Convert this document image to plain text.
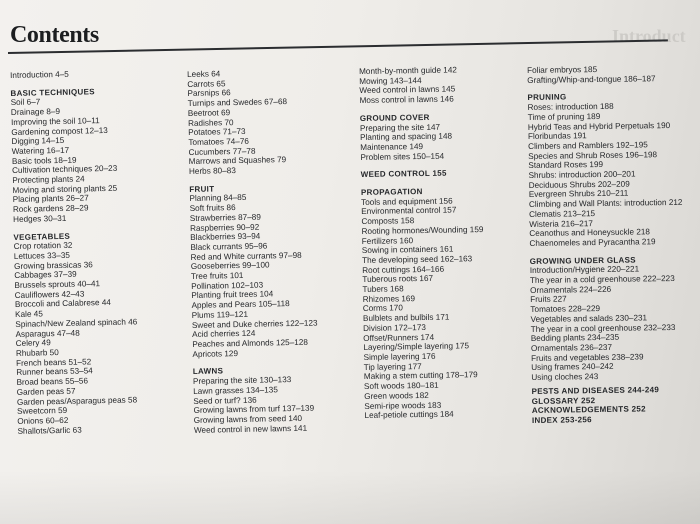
Contents	Introduct
Introduction 4–5
BASIC TECHNIQUES
Soil 6–7
Drainage 8–9
Improving the soil 10–11
Gardening compost 12–13
Digging 14–15
Watering 16–17
Basic tools 18–19
Cultivation techniques 20–23
Protecting plants 24
Moving and storing plants 25
Placing plants 26–27
Rock gardens 28–29
Hedges 30–31
VEGETABLES
Crop rotation 32
Lettuces 33–35
Growing brassicas 36
Cabbages 37–39
Brussels sprouts 40–41
Cauliflowers 42–43
Broccoli and Calabrese 44
Kale 45
Spinach/New Zealand spinach 46
Asparagus 47–48
Celery 49
Rhubarb 50
French beans 51–52
Runner beans 53–54
Broad beans 55–56
Garden peas 57
Garden peas/Asparagus peas 58
Sweetcorn 59
Onions 60–62
Shallots/Garlic 63
Leeks 64
Carrots 65
Parsnips 66
Turnips and Swedes 67–68
Beetroot 69
Radishes 70
Potatoes 71–73
Tomatoes 74–76
Cucumbers 77–78
Marrows and Squashes 79
Herbs 80–83
FRUIT
Planning 84–85
Soft fruits 86
Strawberries 87–89
Raspberries 90–92
Blackberries 93–94
Black currants 95–96
Red and White currants 97–98
Gooseberries 99–100
Tree fruits 101
Pollination 102–103
Planting fruit trees 104
Apples and Pears 105–118
Plums 119–121
Sweet and Duke cherries 122–123
Acid cherries 124
Peaches and Almonds 125–128
Apricots 129
LAWNS
Preparing the site 130–133
Lawn grasses 134–135
Seed or turf? 136
Growing lawns from turf 137–139
Growing lawns from seed 140
Weed control in new lawns 141
Month-by-month guide 142
Mowing 143–144
Weed control in lawns 145
Moss control in lawns 146
GROUND COVER
Preparing the site 147
Planting and spacing 148
Maintenance 149
Problem sites 150–154
WEED CONTROL 155
PROPAGATION
Tools and equipment 156
Environmental control 157
Composts 158
Rooting hormones/Wounding 159
Fertilizers 160
Sowing in containers 161
The developing seed 162–163
Root cuttings 164–166
Tuberous roots 167
Tubers 168
Rhizomes 169
Corms 170
Bulblets and bulbils 171
Division 172–173
Offset/Runners 174
Layering/Simple layering 175
Simple layering 176
Tip layering 177
Making a stem cutting 178–179
Soft woods 180–181
Green woods 182
Semi-ripe woods 183
Leaf-petiole cuttings 184
Foliar embryos 185
Grafting/Whip-and-tongue 186–187
PRUNING
Roses: introduction 188
Time of pruning 189
Hybrid Teas and Hybrid Perpetuals 190
Floribundas 191
Climbers and Ramblers 192–195
Species and Shrub Roses 196–198
Standard Roses 199
Shrubs: introduction 200–201
Deciduous Shrubs 202–209
Evergreen Shrubs 210–211
Climbing and Wall Plants: introduction 212
Clematis 213–215
Wisteria 216–217
Ceanothus and Honeysuckle 218
Chaenomeles and Pyracantha 219
GROWING UNDER GLASS
Introduction/Hygiene 220–221
The year in a cold greenhouse 222–223
Ornamentals 224–226
Fruits 227
Tomatoes 228–229
Vegetables and salads 230–231
The year in a cool greenhouse 232–233
Bedding plants 234–235
Ornamentals 236–237
Fruits and vegetables 238–239
Using frames 240–242
Using cloches 243
PESTS AND DISEASES 244-249
GLOSSARY 252
ACKNOWLEDGEMENTS 252
INDEX 253-256
